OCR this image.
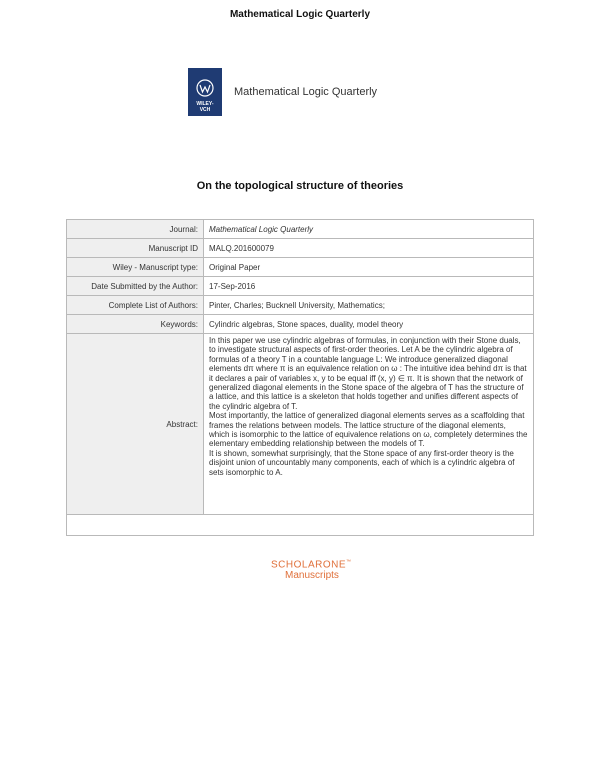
Mathematical Logic Quarterly
WILEY-
VCH
Mathematical Logic Quarterly
On the topological structure of theories
Journal:	Mathematical Logic Quarterly
Manuscript ID	MALQ.201600079
Wiley - Manuscript type:	Original Paper
Date Submitted by the Author:	17-Sep-2016
Complete List of Authors:	Pinter, Charles; Bucknell University, Mathematics;
Keywords:	Cylindric algebras, Stone spaces, duality, model theory
Abstract:	In this paper we use cylindric algebras of formulas, in conjunction with their Stone duals, to investigate structural aspects of first-order theories. Let A be the cylindric algebra of formulas of a theory T in a countable language L: We introduce generalized diagonal elements dπ where π is an equivalence relation on ω : The intuitive idea behind dπ is that it declares a pair of variables x, y to be equal iff (x, y) ∈ π. It is shown that the network of generalized diagonal elements in the Stone space of the algebra of T has the structure of a lattice, and this lattice is a skeleton that holds together and unifies different aspects of the cylindric algebra of T.

Most importantly, the lattice of generalized diagonal elements serves as a scaffolding that frames the relations between models. The lattice structure of the diagonal elements, which is isomorphic to the lattice of equivalence relations on ω, completely determines the elementary embedding relationship between the models of T.

It is shown, somewhat surprisingly, that the Stone space of any first-order theory is the disjoint union of uncountably many components, each of which is a cylindric algebra of sets isomorphic to A.

SCHOLARONE™
Manuscripts
